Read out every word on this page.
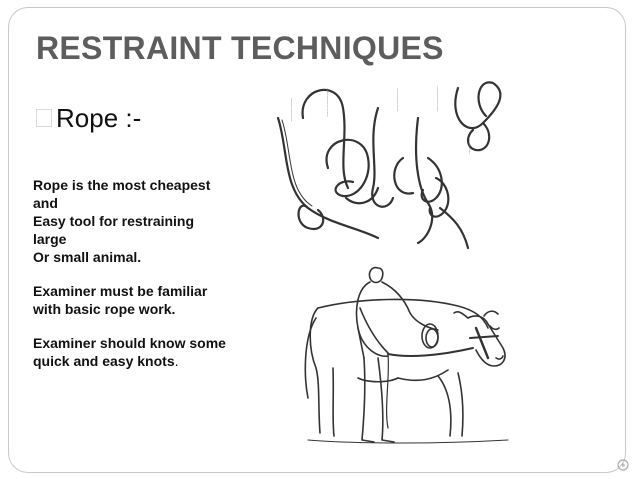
RESTRAINT TECHNIQUES
Rope :-
Rope is the most cheapest
and
Easy tool for restraining
large
Or small animal.
Examiner must be familiar
with basic rope work.
Examiner should know some
quick and easy knots.
-------------	----------------	-------------	--------------
---------
